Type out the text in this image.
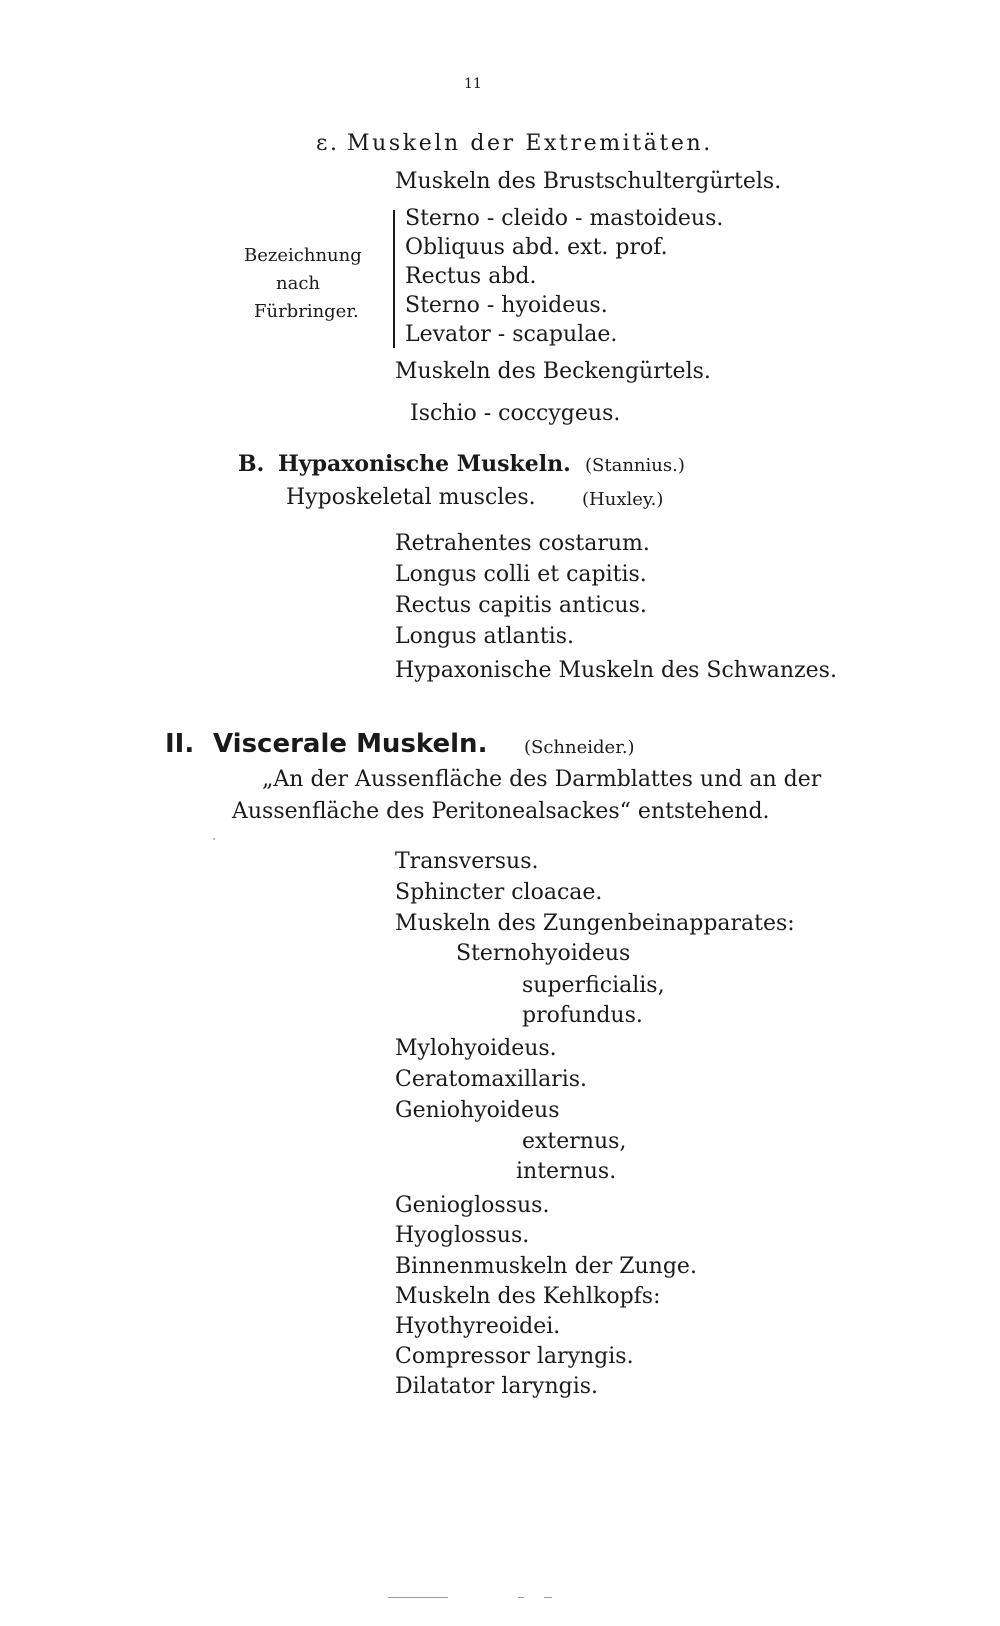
11
ε. Muskeln der Extremitäten.
Muskeln des Brustschultergürtels.
Bezeichnung
nach
Fürbringer.
Sterno - cleido - mastoideus.
Obliquus abd. ext. prof.
Rectus abd.
Sterno - hyoideus.
Levator - scapulae.
Muskeln des Beckengürtels.
Ischio - coccygeus.
B. Hypaxonische Muskeln. (Stannius.)
Hyposkeletal muscles.	(Huxley.)
Retrahentes costarum.
Longus colli et capitis.
Rectus capitis anticus.
Longus atlantis.
Hypaxonische Muskeln des Schwanzes.
II. Viscerale Muskeln. (Schneider.)
„An der Aussenfläche des Darmblattes und an der
Aussenfläche des Peritonealsackes“ entstehend.
Transversus.
Sphincter cloacae.
Muskeln des Zungenbeinapparates:
Sternohyoideus
superficialis,
profundus.
Mylohyoideus.
Ceratomaxillaris.
Geniohyoideus
externus,
internus.
Genioglossus.
Hyoglossus.
Binnenmuskeln der Zunge.
Muskeln des Kehlkopfs:
Hyothyreoidei.
Compressor laryngis.
Dilatator laryngis.
